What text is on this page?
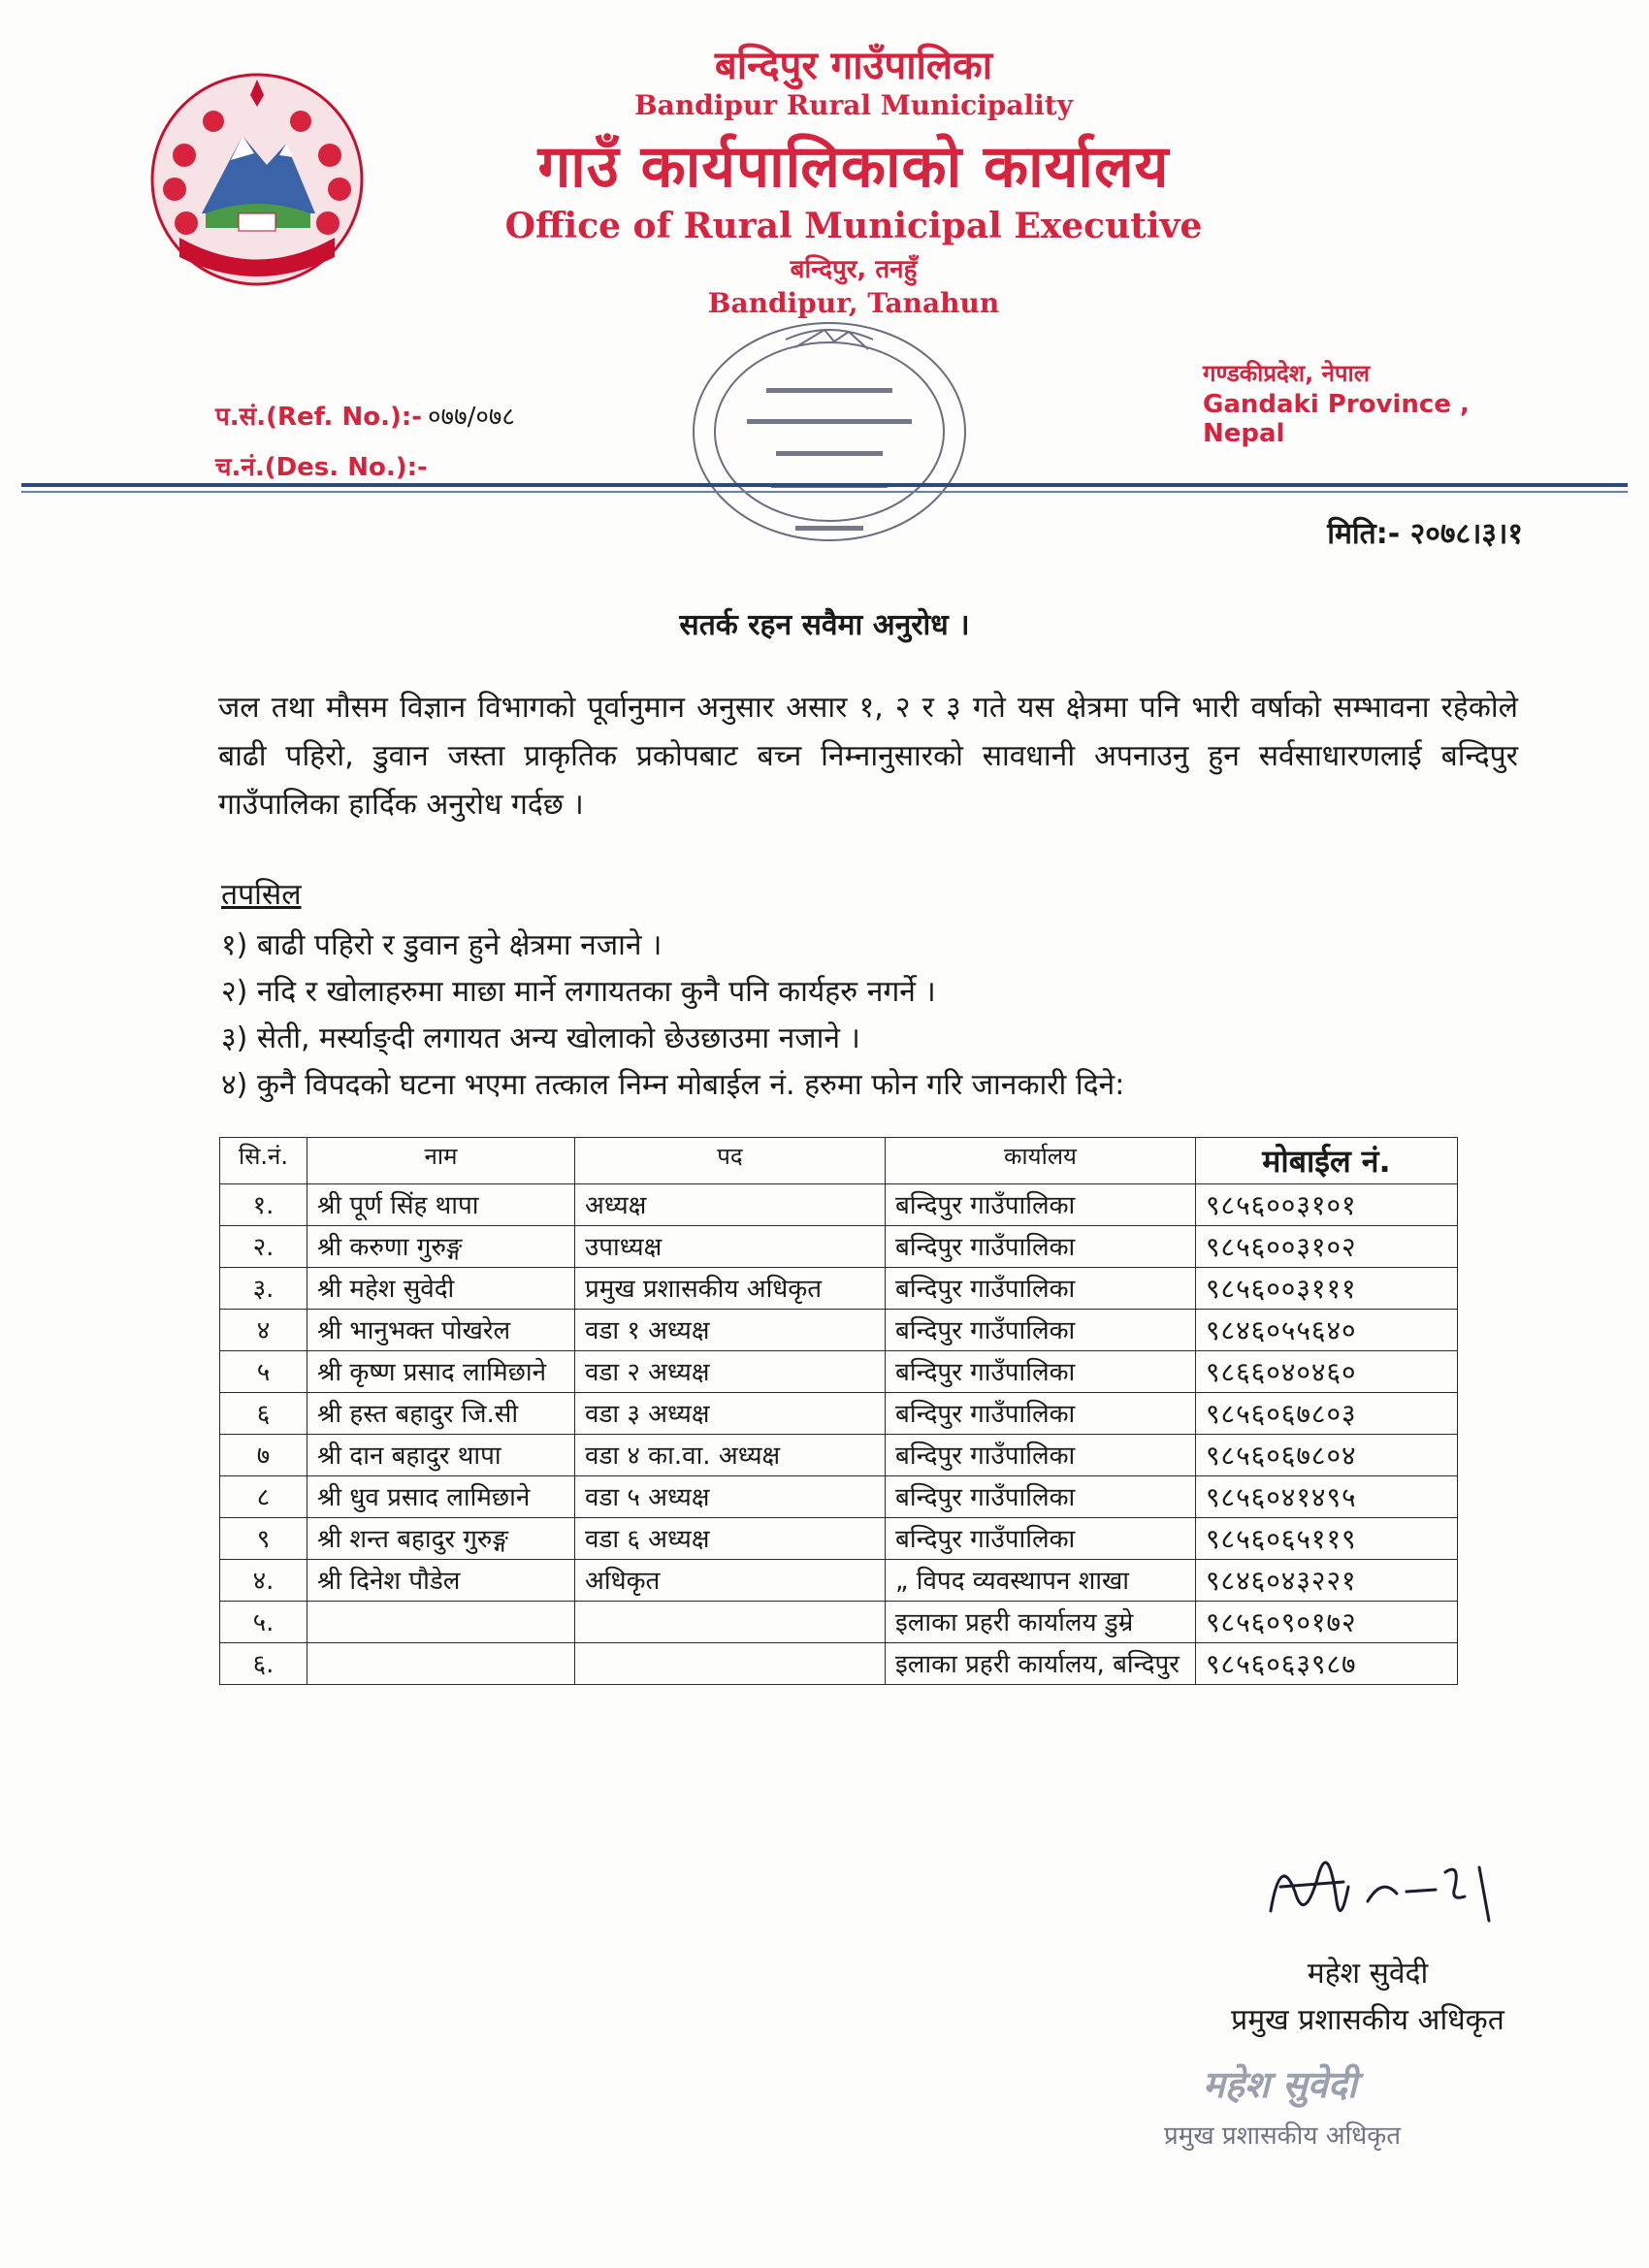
बन्दिपुर गाउँपालिका
Bandipur Rural Municipality
गाउँ कार्यपालिकाको कार्यालय
Office of Rural Municipal Executive
बन्दिपुर, तनहुँ
Bandipur, Tanahun
गण्डकीप्रदेश, नेपाल
Gandaki Province , Nepal
प.सं.(Ref. No.):- ०७७/०७८
च.नं.(Des. No.):-
मिति:- २०७८।३।१
सतर्क रहन सवैमा अनुरोध ।
जल तथा मौसम विज्ञान विभागको पूर्वानुमान अनुसार असार १, २ र ३ गते यस क्षेत्रमा पनि भारी वर्षाको सम्भावना रहेकोले बाढी पहिरो, डुवान जस्ता प्राकृतिक प्रकोपबाट बच्न निम्नानुसारको सावधानी अपनाउनु हुन सर्वसाधारणलाई बन्दिपुर गाउँपालिका हार्दिक अनुरोध गर्दछ ।
तपसिल
१) बाढी पहिरो र डुवान हुने क्षेत्रमा नजाने ।
२) नदि र खोलाहरुमा माछा मार्ने लगायतका कुनै पनि कार्यहरु नगर्ने ।
३) सेती, मर्स्याङ्दी लगायत अन्य खोलाको छेउछाउमा नजाने ।
४) कुनै विपदको घटना भएमा तत्काल निम्न मोबाईल नं. हरुमा फोन गरि जानकारी दिने:
सि.नं.	नाम	पद	कार्यालय	मोबाईल नं.
१.	श्री पूर्ण सिंह थापा	अध्यक्ष	बन्दिपुर गाउँपालिका	९८५६००३१०१
२.	श्री करुणा गुरुङ्ग	उपाध्यक्ष	बन्दिपुर गाउँपालिका	९८५६००३१०२
३.	श्री महेश सुवेदी	प्रमुख प्रशासकीय अधिकृत	बन्दिपुर गाउँपालिका	९८५६००३१११
४	श्री भानुभक्त पोखरेल	वडा १ अध्यक्ष	बन्दिपुर गाउँपालिका	९८४६०५५६४०
५	श्री कृष्ण प्रसाद लामिछाने	वडा २ अध्यक्ष	बन्दिपुर गाउँपालिका	९८६६०४०४६०
६	श्री हस्त बहादुर जि.सी	वडा ३ अध्यक्ष	बन्दिपुर गाउँपालिका	९८५६०६७८०३
७	श्री दान बहादुर थापा	वडा ४ का.वा. अध्यक्ष	बन्दिपुर गाउँपालिका	९८५६०६७८०४
८	श्री धुव प्रसाद लामिछाने	वडा ५ अध्यक्ष	बन्दिपुर गाउँपालिका	९८५६०४१४९५
९	श्री शन्त बहादुर गुरुङ्ग	वडा ६ अध्यक्ष	बन्दिपुर गाउँपालिका	९८५६०६५११९
४.	श्री दिनेश पौडेल	अधिकृत	„ विपद व्यवस्थापन शाखा	९८४६०४३२२१
५.			इलाका प्रहरी कार्यालय डुम्रे	९८५६०९०१७२
६.			इलाका प्रहरी कार्यालय, बन्दिपुर	९८५६०६३९८७
महेश सुवेदी
प्रमुख प्रशासकीय अधिकृत
महेश सुवेदी
प्रमुख प्रशासकीय अधिकृत
